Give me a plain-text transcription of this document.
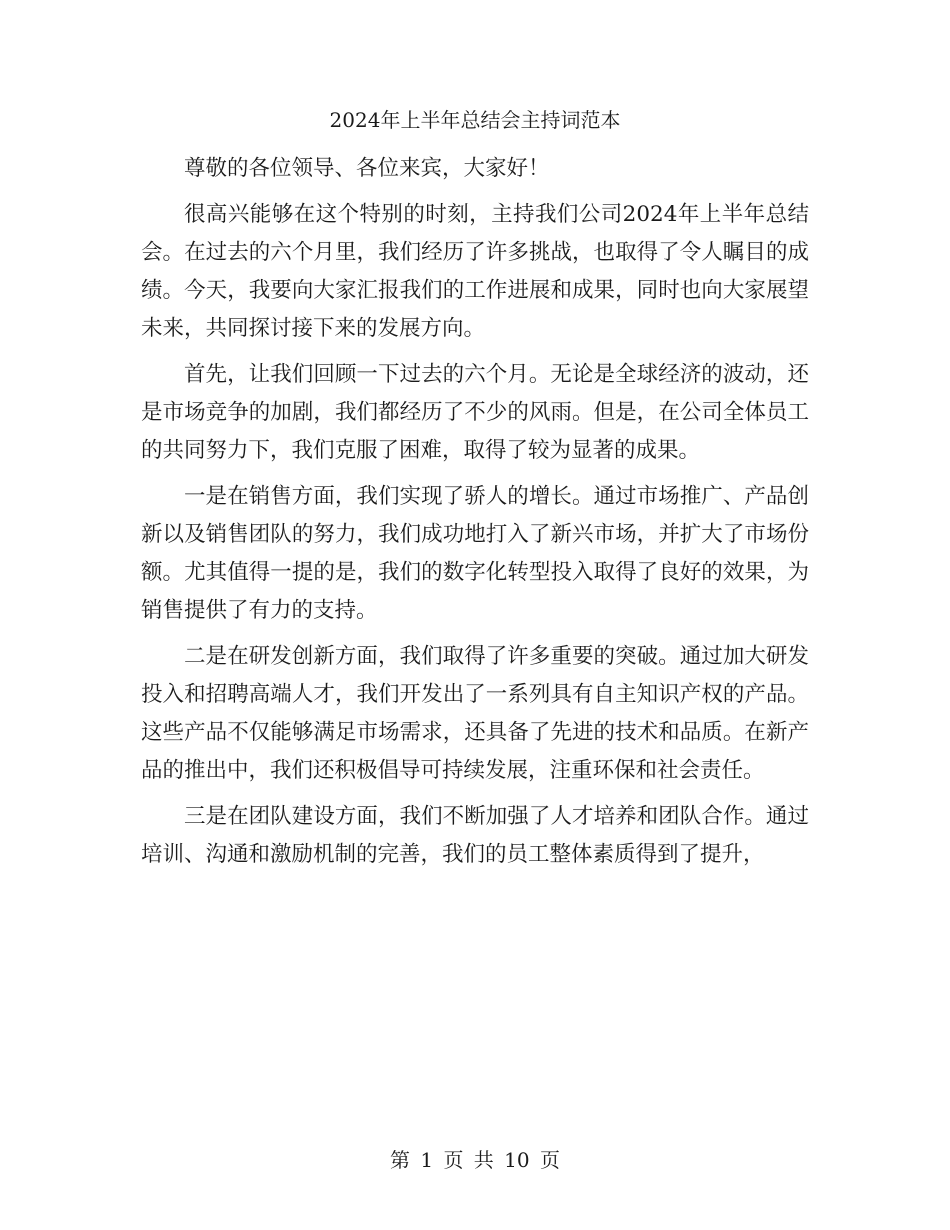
2024年上半年总结会主持词范本

尊敬的各位领导、各位来宾，大家好！

很高兴能够在这个特别的时刻，主持我们公司2024年上半年总结会。在过去的六个月里，我们经历了许多挑战，也取得了令人瞩目的成绩。今天，我要向大家汇报我们的工作进展和成果，同时也向大家展望未来，共同探讨接下来的发展方向。

首先，让我们回顾一下过去的六个月。无论是全球经济的波动，还是市场竞争的加剧，我们都经历了不少的风雨。但是，在公司全体员工的共同努力下，我们克服了困难，取得了较为显著的成果。

一是在销售方面，我们实现了骄人的增长。通过市场推广、产品创新以及销售团队的努力，我们成功地打入了新兴市场，并扩大了市场份额。尤其值得一提的是，我们的数字化转型投入取得了良好的效果，为销售提供了有力的支持。

二是在研发创新方面，我们取得了许多重要的突破。通过加大研发投入和招聘高端人才，我们开发出了一系列具有自主知识产权的产品。这些产品不仅能够满足市场需求，还具备了先进的技术和品质。在新产品的推出中，我们还积极倡导可持续发展，注重环保和社会责任。

三是在团队建设方面，我们不断加强了人才培养和团队合作。通过培训、沟通和激励机制的完善，我们的员工整体素质得到了提升，

第 1 页 共 10 页
